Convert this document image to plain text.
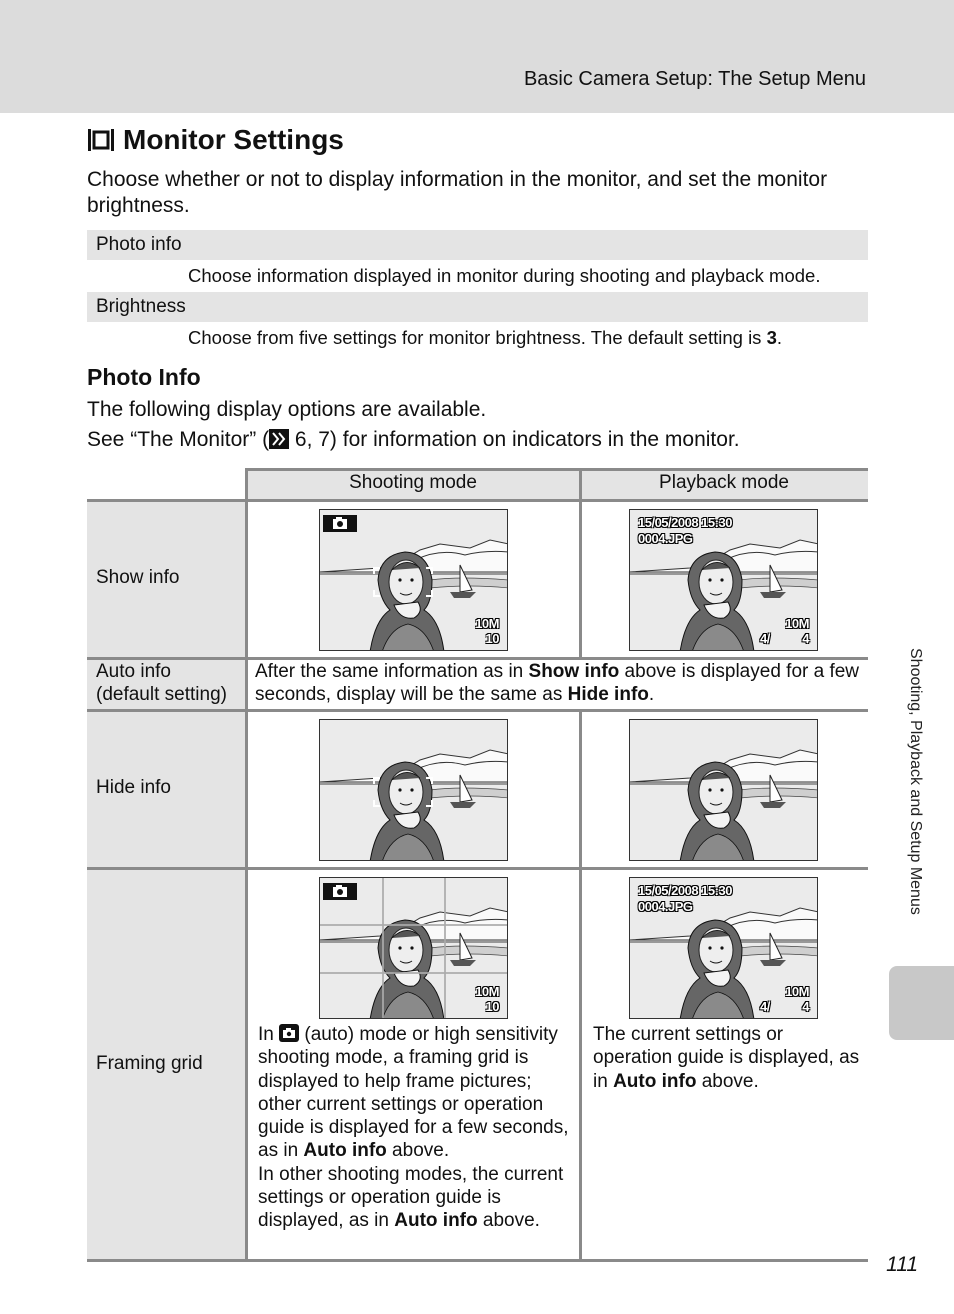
Basic Camera Setup: The Setup Menu
Shooting, Playback and Setup Menus
Monitor Settings
Choose whether or not to display information in the monitor, and set the monitor brightness.
Photo info
Choose information displayed in monitor during shooting and playback mode.
Brightness
Choose from five settings for monitor brightness. The default setting is 3.
Photo Info
The following display options are available.
See “The Monitor” (
6, 7) for information on indicators in the monitor.
Shooting mode	Playback mode
Show info
Auto info
(default setting)
Hide info
Framing grid
After the same information as in Show info above is displayed for a few seconds, display will be the same as Hide info.
10M
10
15/05/2008 15:30
0004.JPG
10M
4/ 4
10M
10
15/05/2008 15:30
0004.JPG
10M
4/ 4
In  (auto) mode or high sensitivity
shooting mode, a framing grid is
displayed to help frame pictures;
other current settings or operation
guide is displayed for a few seconds,
as in Auto info above.
In other shooting modes, the current
settings or operation guide is
displayed, as in Auto info above.
The current settings or
operation guide is displayed, as
in Auto info above.
111
